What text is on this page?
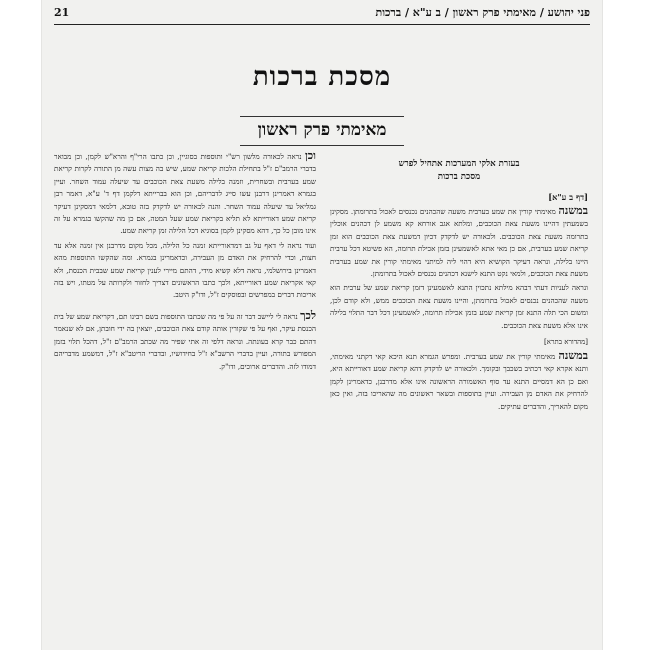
פני יהושע / מאימתי פרק ראשון / ב ע"א / ברכות
21
מסכת ברכות
מאימתי פרק ראשון
בעזרת אלקי המערכות אתחיל לפרש
מסכת ברכות
[דף ב ע"א]

במשנה מאימתי קורין את שמע בערבית משעה שהכהנים נכנסים לאכול בתרומתן. מסקינן בשמעתין דהיינו משעת צאת הכוכבים, ומלתא אגב אורחא קא משמע לן דכהנים אוכלין בתרומה משעת צאת הכוכבים. ולכאורה יש לדקדק דכיון דמשעת צאת הכוכבים הוא זמן קריאת שמע בערבית, אם כן מאי אתא לאשמעינן בזמן אכילת תרומה, הא פשיטא דכל ערבית היינו בלילה, ונראה דעיקר הקושיא היא דהוי ליה למיתני מאימתי קורין את שמע בערבית משעת צאת הכוכבים, ולמאי נקט התנא לישנא דכהנים נכנסים לאכול בתרומתן.

ונראה לעניות דעתי דבהא מילתא נתכוין התנא לאשמעינן דזמן קריאת שמע של ערבית הוא משעה שהכהנים נכנסים לאכול בתרומתן, והיינו משעת צאת הכוכבים ממש, ולא קודם לכן, ומשום הכי תלה התנא זמן קריאת שמע בזמן אכילת תרומה, לאשמעינן דכל דבר התלוי בלילה אינו אלא משעת צאת הכוכבים.

[מהדורא בתרא]

במשנה מאימתי קורין את שמע בערבית. ומפרש הגמרא תנא היכא קאי דקתני מאימתי, ותנא אקרא קאי דכתיב בשכבך ובקומך. ולכאורה יש לדקדק דהא קריאת שמע דאורייתא היא, ואם כן הא דמסיים התנא עד סוף האשמורה הראשונה אינו אלא מדרבנן, כדאמרינן לקמן להרחיק את האדם מן העבירה. ועיין בתוספות ובשאר ראשונים מה שהאריכו בזה, ואין כאן מקום להאריך, והדברים עתיקים.

וכן נראה לכאורה מלשון רש"י ותוספות בסוגיין, וכן כתבו הרי"ף והרא"ש לקמן, וכן מבואר בדברי הרמב"ם ז"ל בתחילת הלכות קריאת שמע, שיש בה מצות עשה מן התורה לקרות קריאת שמע בערבית ובשחרית, וזמנה בלילה משעת צאת הכוכבים עד שיעלה עמוד השחר. ועיין בגמרא דאמרינן דרבנן עשו סייג לדבריהם, וכן הוא בברייתא דלקמן דף ד' ע"א, דאמר רבן גמליאל עד שיעלה עמוד השחר. והנה לכאורה יש לדקדק בזה טובא, דלמאי דמסקינן דעיקר קריאת שמע דאורייתא לא תליא בקריאת שמע שעל המטה, אם כן מה שהקשו בגמרא על זה אינו מובן כל כך, דהא מסקינן לקמן בסוגיא דכל הלילה זמן קריאת שמע.

ועוד נראה לי דאף על גב דמדאורייתא זמנה כל הלילה, מכל מקום מדרבנן אין זמנה אלא עד חצות, וכדי להרחיק את האדם מן העבירה, וכדאמרינן בגמרא. ומה שהקשו התוספות מהא דאמרינן בירושלמי, נראה דלא קשיא מידי, דהתם מיירי לענין קריאת שמע שבבית הכנסת, ולא קאי אקריאת שמע דאורייתא, ולכך כתבו הראשונים דצריך לחזור ולקרותה על מטתו, ויש בזה אריכות דברים במפרשים ובפוסקים ז"ל, ודו"ק היטב.

לכך נראה לי ליישב דבר זה על פי מה שכתבו התוספות בשם רבינו תם, דקריאת שמע של בית הכנסת עיקר, ואף על פי שקורין אותה קודם צאת הכוכבים, יוצאין בה ידי חובתן, אם לא שנאמר דהתם כבר קרא בעונתה. ונראה דלפי זה אתי שפיר מה שכתב הרמב"ם ז"ל, דהכל תלוי בזמן המפורש בתורה, ועיין בדברי הרשב"א ז"ל בחידושיו, ובדברי הריטב"א ז"ל, דמשמע מדבריהם דמודו לזה. והדברים ארוכים, ודו"ק.
